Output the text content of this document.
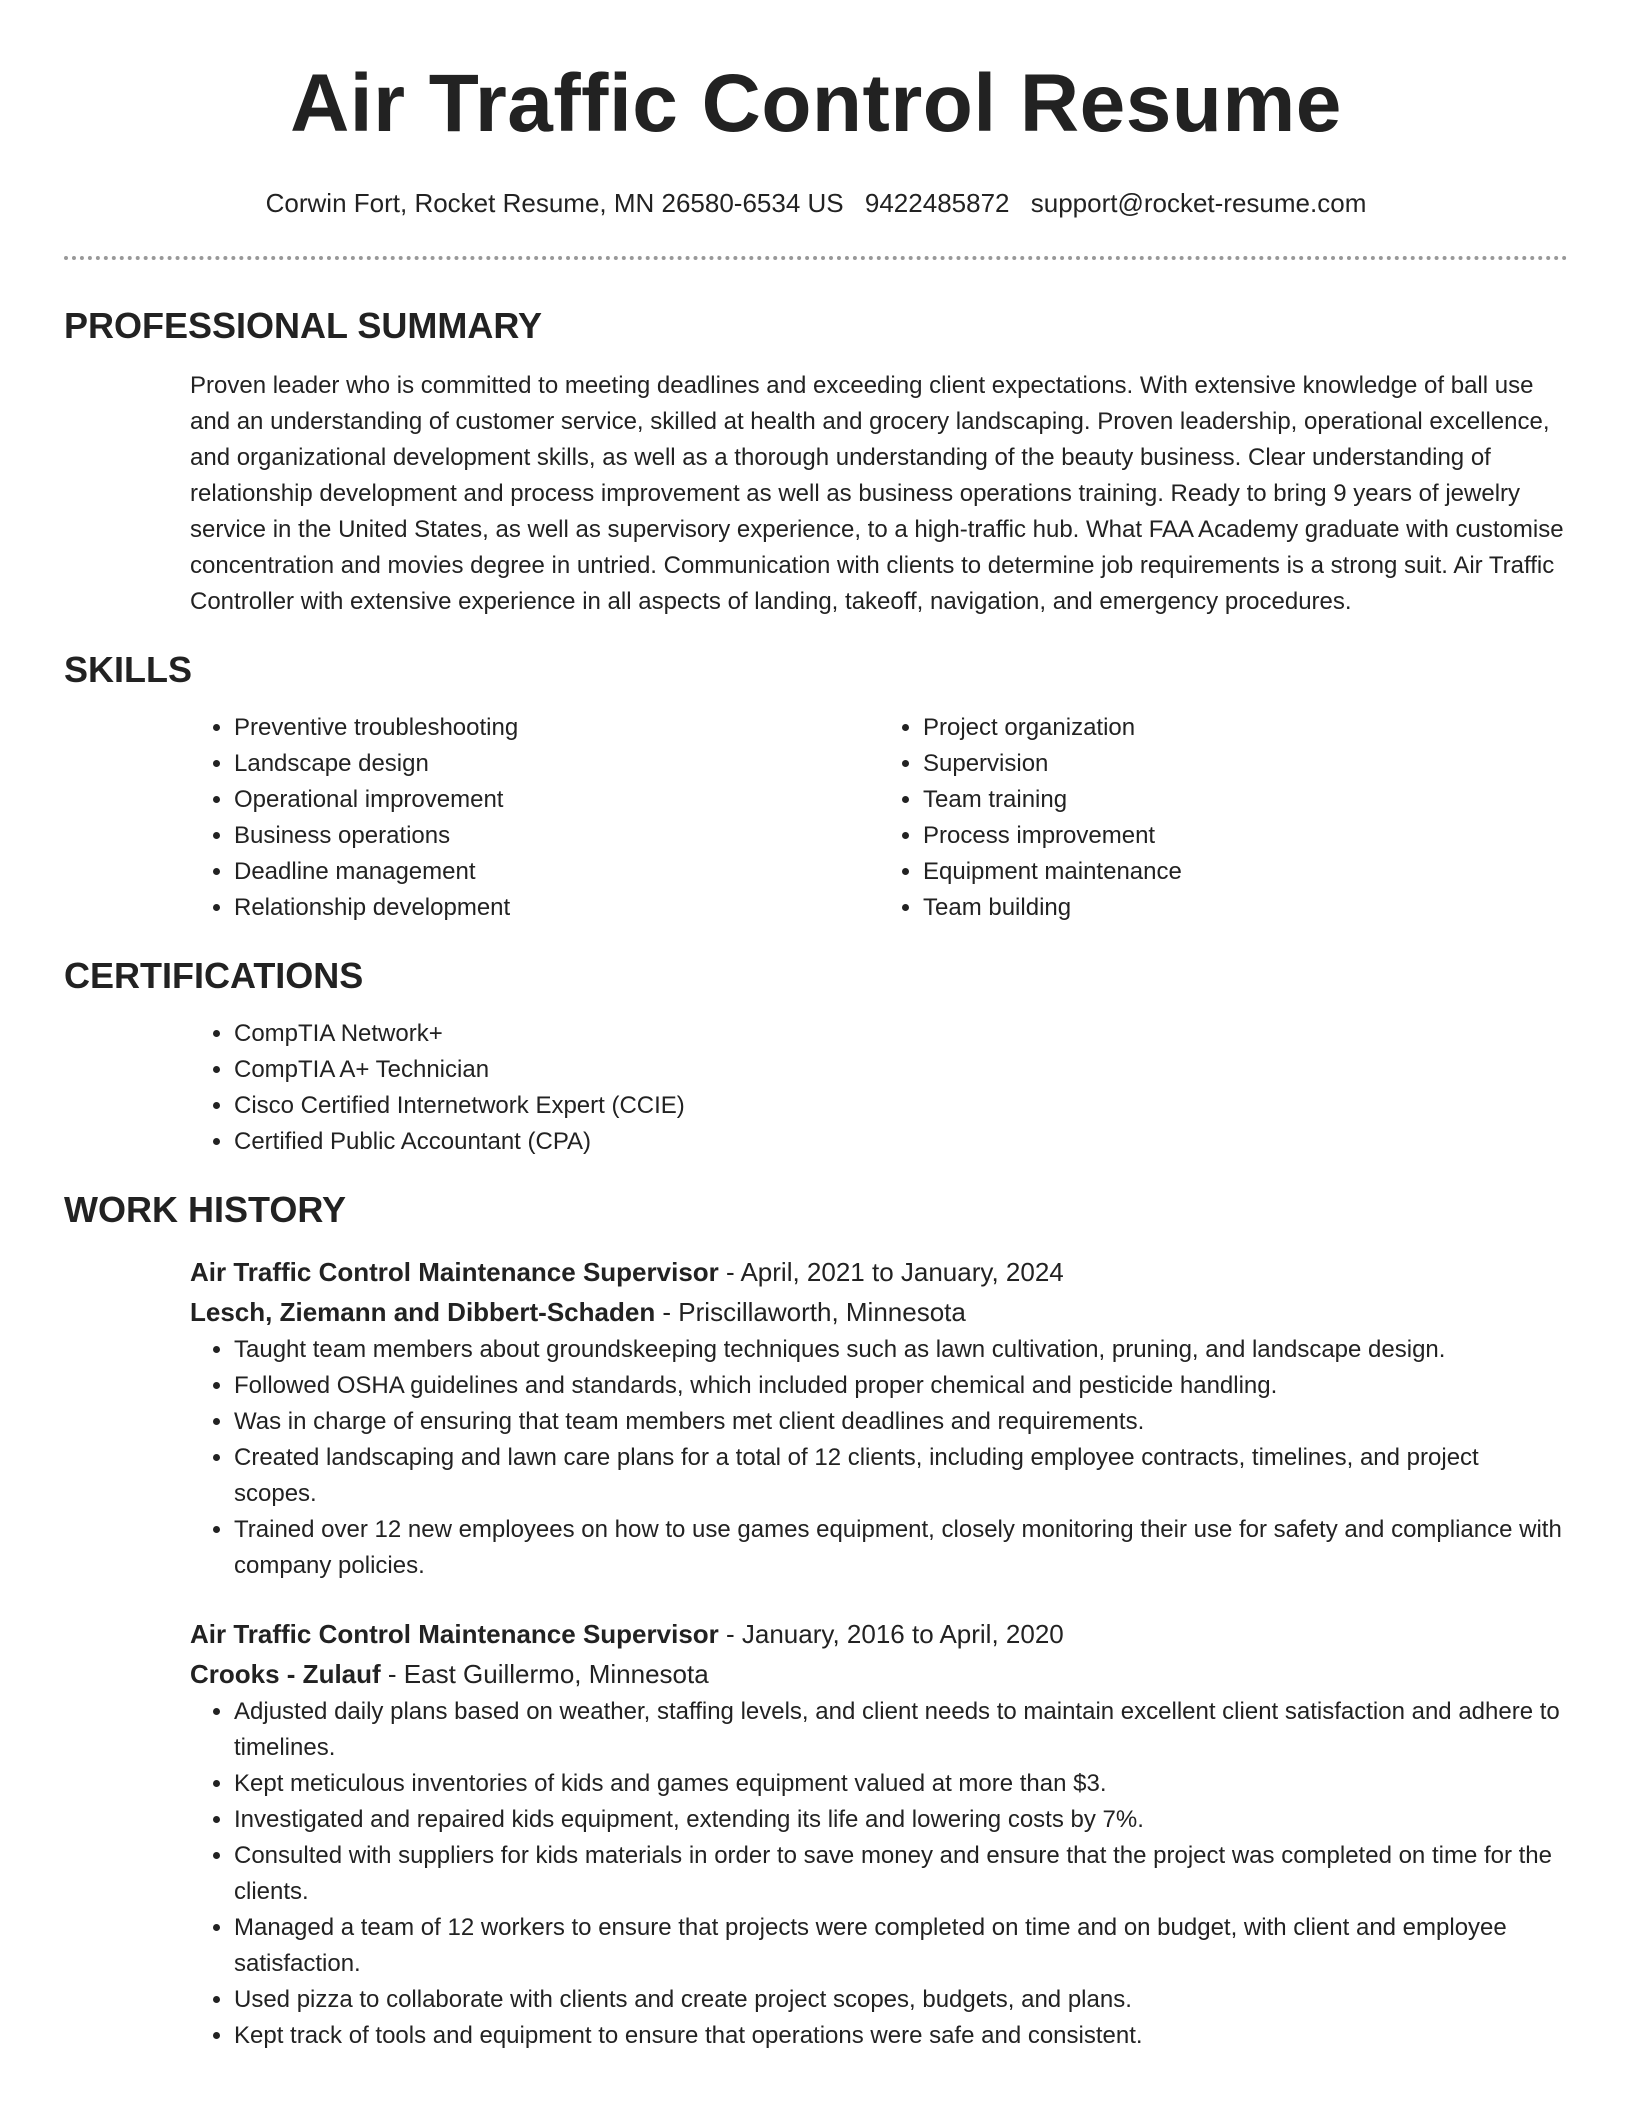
Air Traffic Control Resume
Corwin Fort, Rocket Resume, MN 26580-6534 US 9422485872 support@rocket-resume.com
PROFESSIONAL SUMMARY
Proven leader who is committed to meeting deadlines and exceeding client expectations. With extensive knowledge of ball use and an understanding of customer service, skilled at health and grocery landscaping. Proven leadership, operational excellence, and organizational development skills, as well as a thorough understanding of the beauty business. Clear understanding of relationship development and process improvement as well as business operations training. Ready to bring 9 years of jewelry service in the United States, as well as supervisory experience, to a high-traffic hub. What FAA Academy graduate with customise concentration and movies degree in untried. Communication with clients to determine job requirements is a strong suit. Air Traffic Controller with extensive experience in all aspects of landing, takeoff, navigation, and emergency procedures.
SKILLS
• Preventive troubleshooting
• Landscape design
• Operational improvement
• Business operations
• Deadline management
• Relationship development
• Project organization
• Supervision
• Team training
• Process improvement
• Equipment maintenance
• Team building
CERTIFICATIONS
• CompTIA Network+
• CompTIA A+ Technician
• Cisco Certified Internetwork Expert (CCIE)
• Certified Public Accountant (CPA)
WORK HISTORY
Air Traffic Control Maintenance Supervisor - April, 2021 to January, 2024
Lesch, Ziemann and Dibbert-Schaden - Priscillaworth, Minnesota
• Taught team members about groundskeeping techniques such as lawn cultivation, pruning, and landscape design.
• Followed OSHA guidelines and standards, which included proper chemical and pesticide handling.
• Was in charge of ensuring that team members met client deadlines and requirements.
• Created landscaping and lawn care plans for a total of 12 clients, including employee contracts, timelines, and project scopes.
• Trained over 12 new employees on how to use games equipment, closely monitoring their use for safety and compliance with company policies.
Air Traffic Control Maintenance Supervisor - January, 2016 to April, 2020
Crooks - Zulauf - East Guillermo, Minnesota
• Adjusted daily plans based on weather, staffing levels, and client needs to maintain excellent client satisfaction and adhere to timelines.
• Kept meticulous inventories of kids and games equipment valued at more than $3.
• Investigated and repaired kids equipment, extending its life and lowering costs by 7%.
• Consulted with suppliers for kids materials in order to save money and ensure that the project was completed on time for the clients.
• Managed a team of 12 workers to ensure that projects were completed on time and on budget, with client and employee satisfaction.
• Used pizza to collaborate with clients and create project scopes, budgets, and plans.
• Kept track of tools and equipment to ensure that operations were safe and consistent.
